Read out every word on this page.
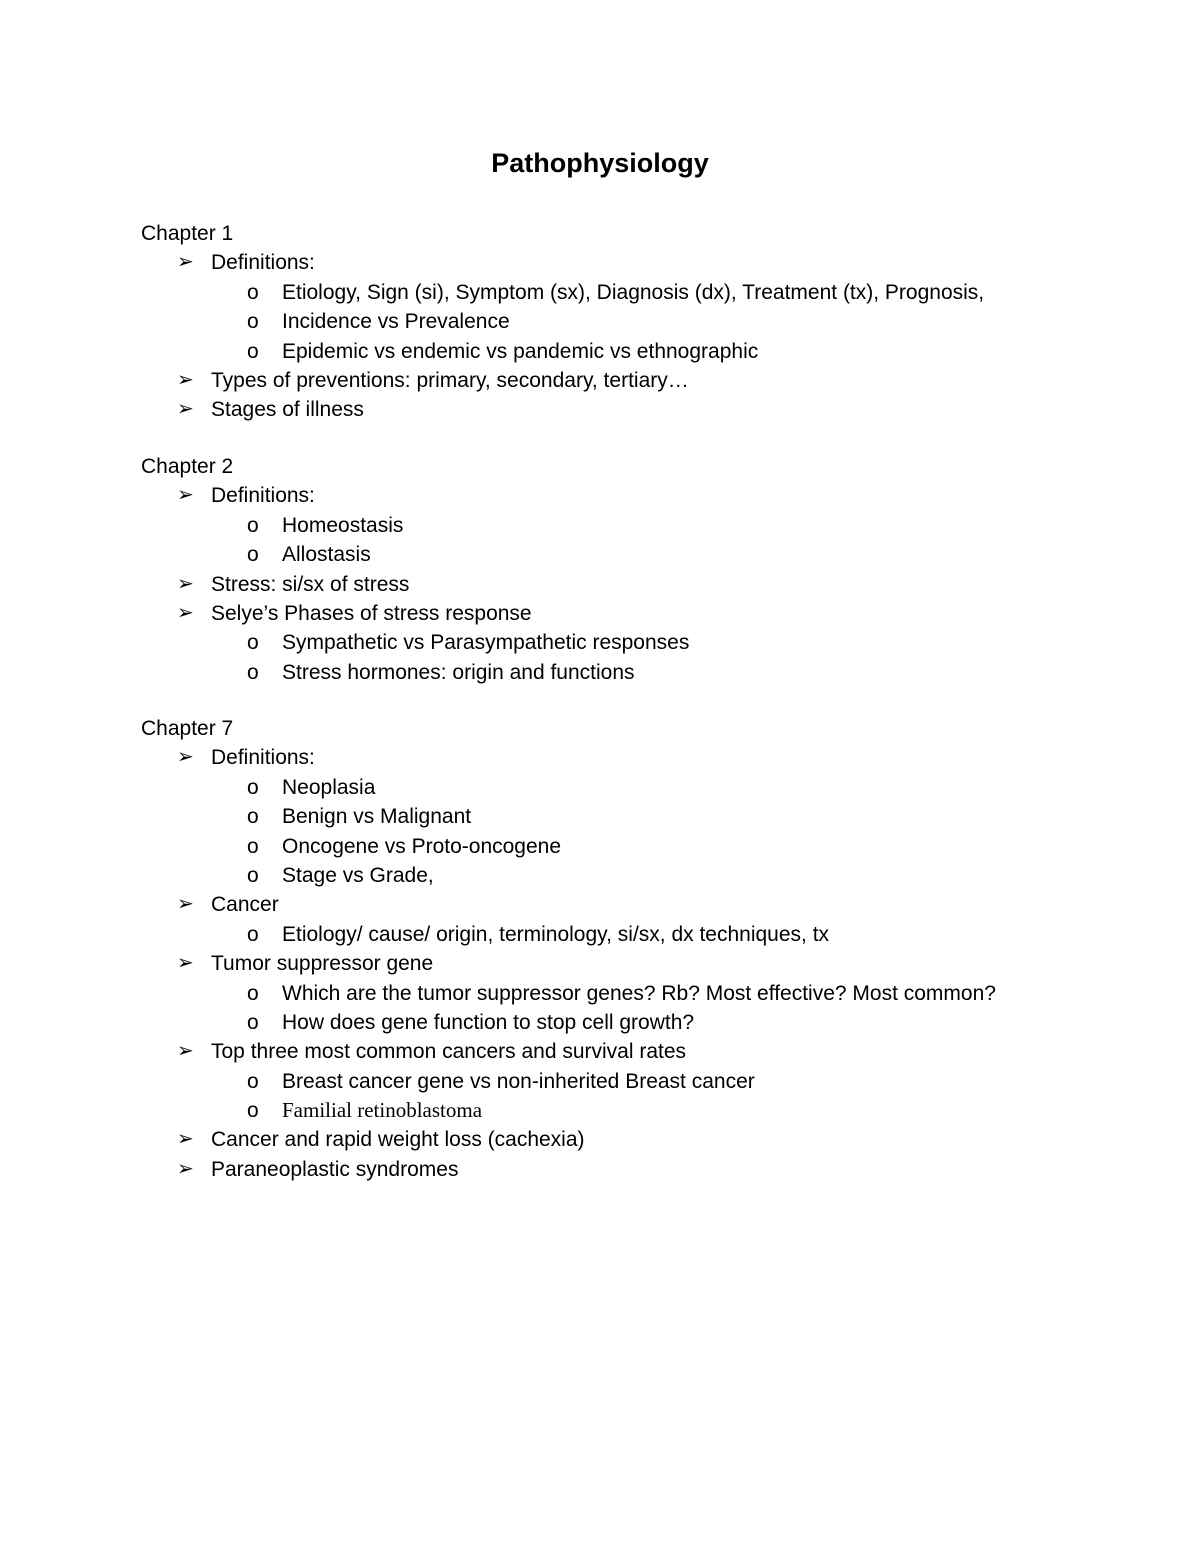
Pathophysiology
Chapter 1
➢ Definitions:
o Etiology, Sign (si), Symptom (sx), Diagnosis (dx), Treatment (tx), Prognosis,
o Incidence vs Prevalence
o Epidemic vs endemic vs pandemic vs ethnographic
➢ Types of preventions: primary, secondary, tertiary…
➢ Stages of illness
Chapter 2
➢ Definitions:
o Homeostasis
o Allostasis
➢ Stress: si/sx of stress
➢ Selye’s Phases of stress response
o Sympathetic vs Parasympathetic responses
o Stress hormones: origin and functions
Chapter 7
➢ Definitions:
o Neoplasia
o Benign vs Malignant
o Oncogene vs Proto-oncogene
o Stage vs Grade,
➢ Cancer
o Etiology/ cause/ origin, terminology, si/sx, dx techniques, tx
➢ Tumor suppressor gene
o Which are the tumor suppressor genes? Rb? Most effective? Most common?
o How does gene function to stop cell growth?
➢ Top three most common cancers and survival rates
o Breast cancer gene vs non-inherited Breast cancer
o Familial retinoblastoma
➢ Cancer and rapid weight loss (cachexia)
➢ Paraneoplastic syndromes
